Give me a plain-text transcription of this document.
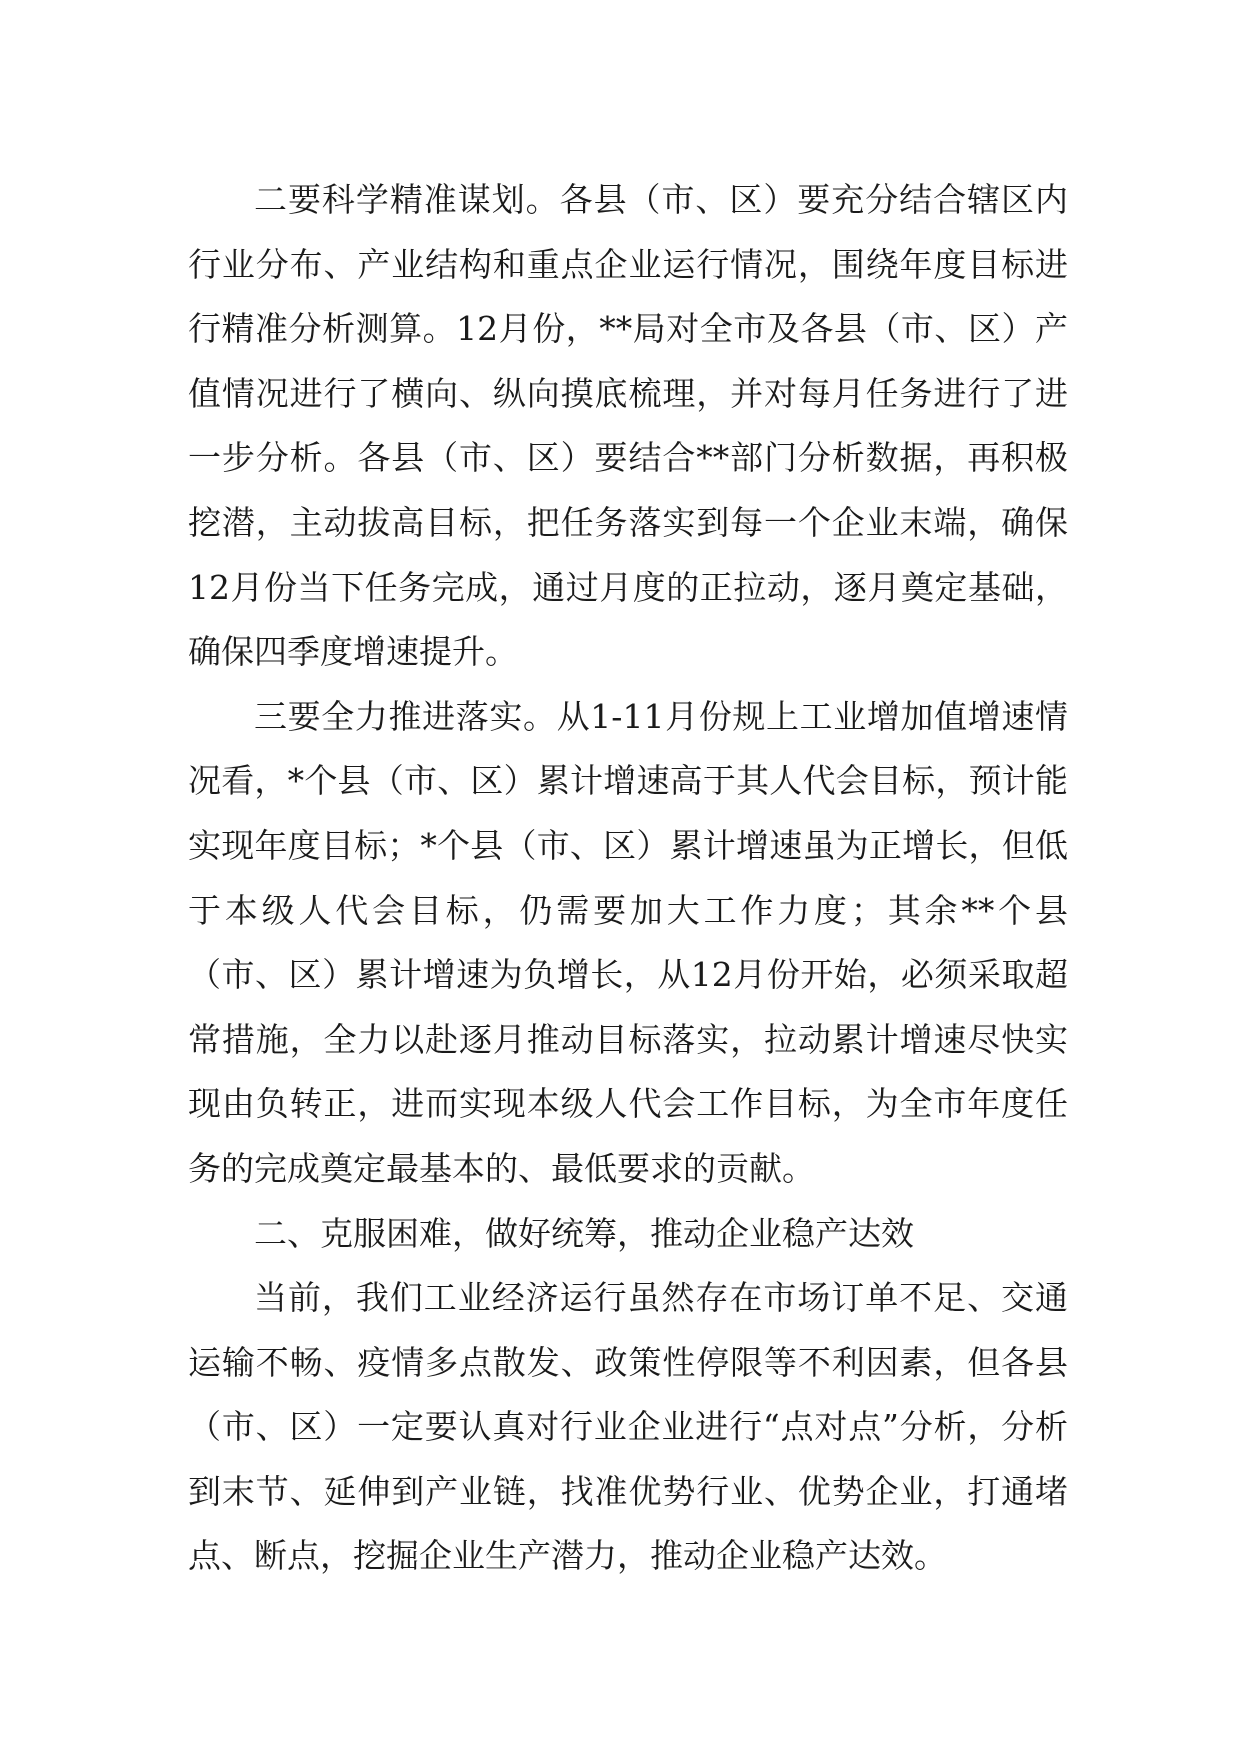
二要科学精准谋划。各县（市、区）要充分结合辖区内行业分布、产业结构和重点企业运行情况，围绕年度目标进行精准分析测算。12月份，**局对全市及各县（市、区）产值情况进行了横向、纵向摸底梳理，并对每月任务进行了进一步分析。各县（市、区）要结合**部门分析数据，再积极挖潜，主动拔高目标，把任务落实到每一个企业末端，确保12月份当下任务完成，通过月度的正拉动，逐月奠定基础，确保四季度增速提升。

三要全力推进落实。从1-11月份规上工业增加值增速情况看，*个县（市、区）累计增速高于其人代会目标，预计能实现年度目标；*个县（市、区）累计增速虽为正增长，但低于本级人代会目标，仍需要加大工作力度；其余**个县（市、区）累计增速为负增长，从12月份开始，必须采取超常措施，全力以赴逐月推动目标落实，拉动累计增速尽快实现由负转正，进而实现本级人代会工作目标，为全市年度任务的完成奠定最基本的、最低要求的贡献。

二、克服困难，做好统筹，推动企业稳产达效

当前，我们工业经济运行虽然存在市场订单不足、交通运输不畅、疫情多点散发、政策性停限等不利因素，但各县（市、区）一定要认真对行业企业进行“点对点”分析，分析到末节、延伸到产业链，找准优势行业、优势企业，打通堵点、断点，挖掘企业生产潜力，推动企业稳产达效。
